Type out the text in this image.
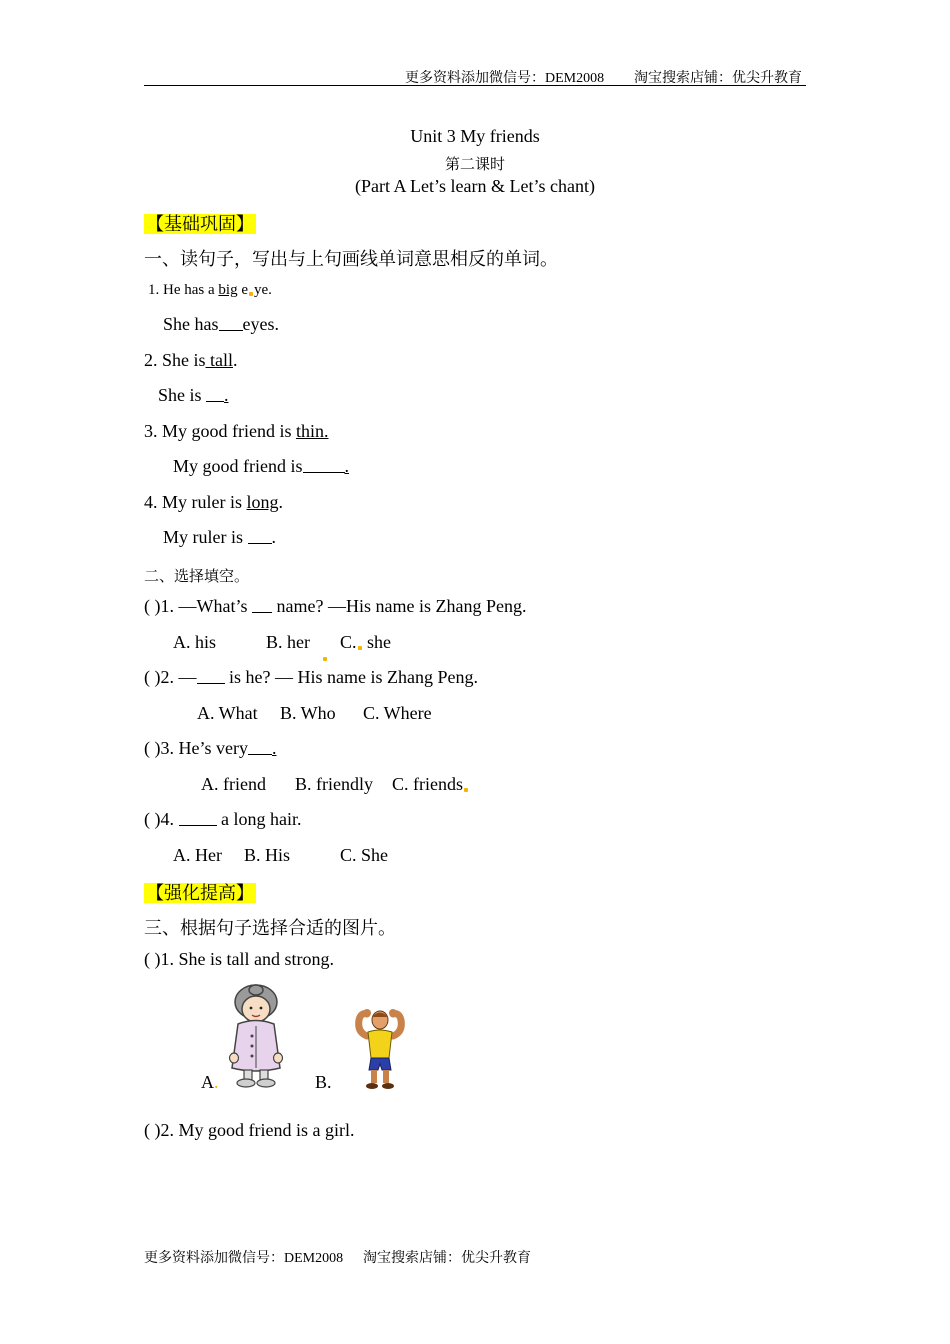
更多资料添加微信号：DEM2008 淘宝搜索店铺：优尖升教育
Unit 3 My friends
第二课时
(Part A Let’s learn & Let’s chant)
【基础巩固】
一、读句子，写出与上句画线单词意思相反的单词。
1. He has a big e ye.
She has eyes.
2. She is tall.
She is .
3. My good friend is thin.
My good friend is .
4. My ruler is long.
My ruler is .
二、选择填空。
( )1. —What’s  name? —His name is Zhang Peng.
A. his	B. her C. she
( )2. — is he? — His name is Zhang Peng.
A. What B. Who C. Where
( )3. He’s very .
A. friend B. friendly C. friends
( )4.  a long hair.
A. Her B. His	C. She
【强化提高】
三、根据句子选择合适的图片。
( )1. She is tall and strong.
A.	B.
( )2. My good friend is a girl.
更多资料添加微信号：DEM2008 淘宝搜索店铺：优尖升教育
